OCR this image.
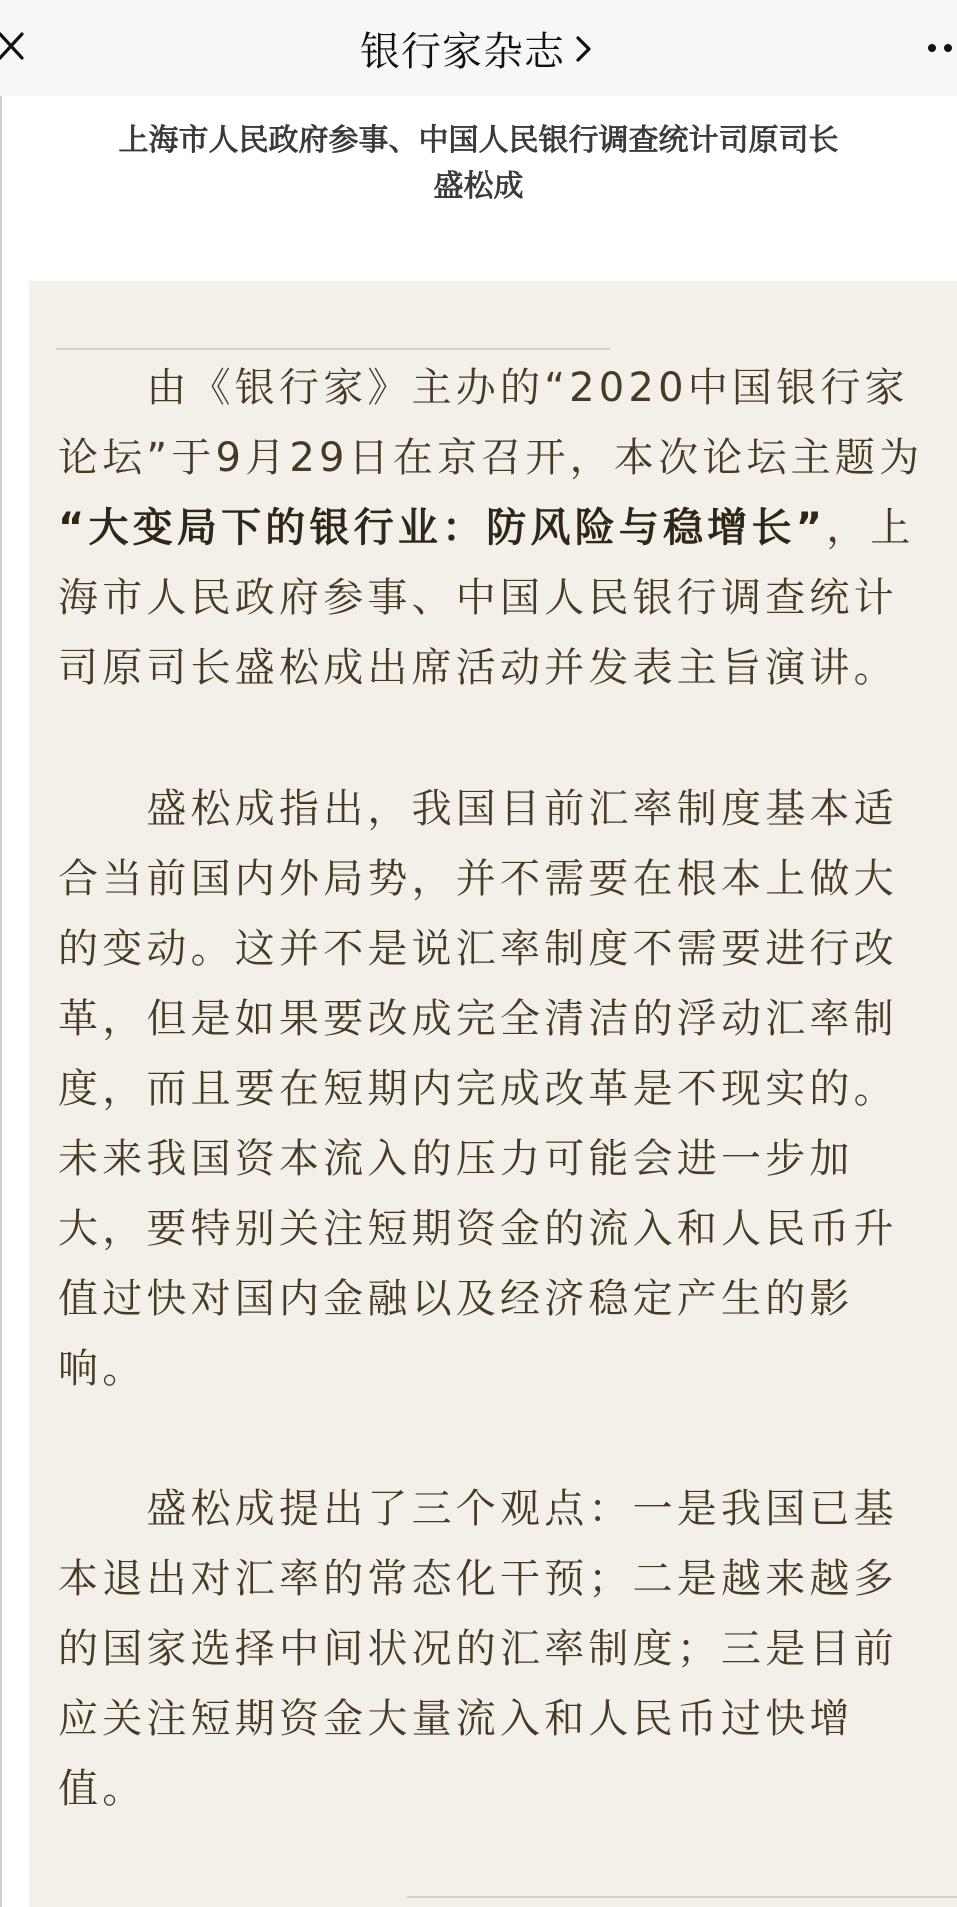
银行家杂志
上海市人民政府参事、中国人民银行调查统计司原司长
盛松成
　　由《银行家》主办的“2020中国银行家
论坛”于9月29日在京召开，本次论坛主题为
“大变局下的银行业：防风险与稳增长”，上
海市人民政府参事、中国人民银行调查统计
司原司长盛松成出席活动并发表主旨演讲。
　　盛松成指出，我国目前汇率制度基本适
合当前国内外局势，并不需要在根本上做大
的变动。这并不是说汇率制度不需要进行改
革，但是如果要改成完全清洁的浮动汇率制
度，而且要在短期内完成改革是不现实的。
未来我国资本流入的压力可能会进一步加
大，要特别关注短期资金的流入和人民币升
值过快对国内金融以及经济稳定产生的影
响。
　　盛松成提出了三个观点：一是我国已基
本退出对汇率的常态化干预；二是越来越多
的国家选择中间状况的汇率制度；三是目前
应关注短期资金大量流入和人民币过快增
值。
